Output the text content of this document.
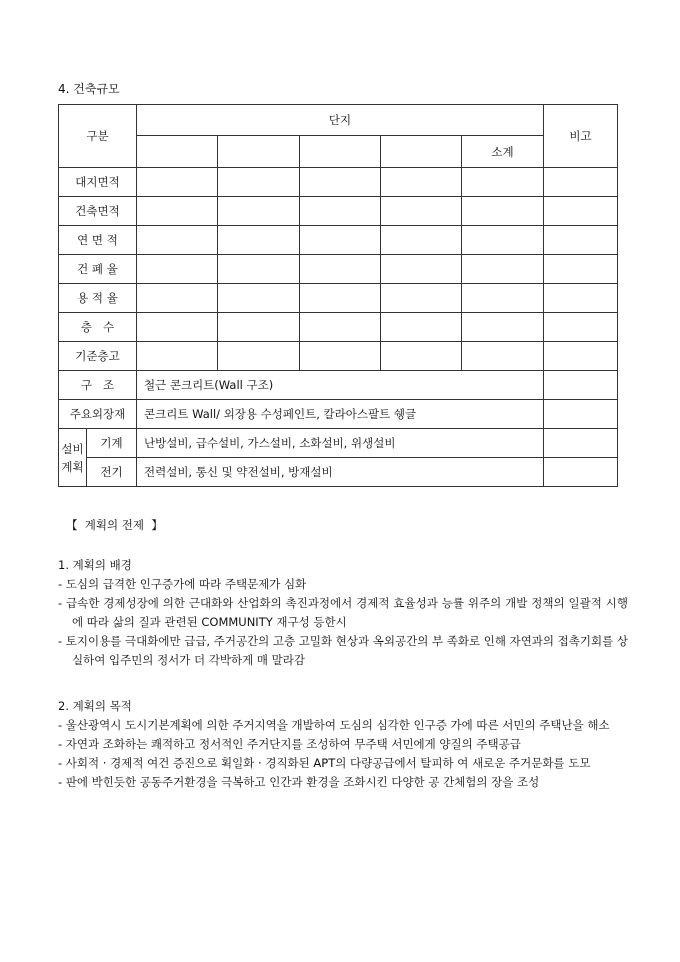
4. 건축규모
구분		단지					비고
						소계	
대지면적							
건축면적							
연 면 적							
건 폐 율							
용 적 율							
층   수							
기준층고							
구   조		철근 콘크리트(Wall 구조)					
주요외장재		콘크리트 Wall/ 외장용 수성페인트, 칼라아스팔트 쉥글					
설비
계획	기계	난방설비, 급수설비, 가스설비, 소화설비, 위생설비					
	전기	전력설비, 통신 및 약전설비, 방재설비					
【  계획의 전제  】
1. 계획의 배경
- 도심의 급격한 인구증가에 따라 주택문제가 심화
- 급속한 경제성장에 의한 근대화와 산업화의 촉진과정에서 경제적 효율성과 능률 위주의 개발 정책의 일괄적 시행에 따라 삶의 질과 관련된 COMMUNITY 재구성 등한시
- 토지이용를 극대화에만 급급, 주거공간의 고층 고밀화 현상과 옥외공간의 부 족화로 인해 자연과의 접촉기회를 상실하여 입주민의 정서가 더 각박하게 매 말라감
2. 계획의 목적
- 울산광역시 도시기본계획에 의한 주거지역을 개발하여 도심의 심각한 인구증 가에 따른 서민의 주택난을 해소
- 자연과 조화하는 쾌적하고 정서적인 주거단지를 조성하여 무주택 서민에게 양질의 주택공급
- 사회적 · 경제적 여건 증진으로 획일화 · 경직화된 APT의 다량공급에서 탈피하 여 새로운 주거문화를 도모
- 판에 박힌듯한 공동주거환경을 극복하고 인간과 환경을 조화시킨 다양한 공 간체험의 장을 조성
